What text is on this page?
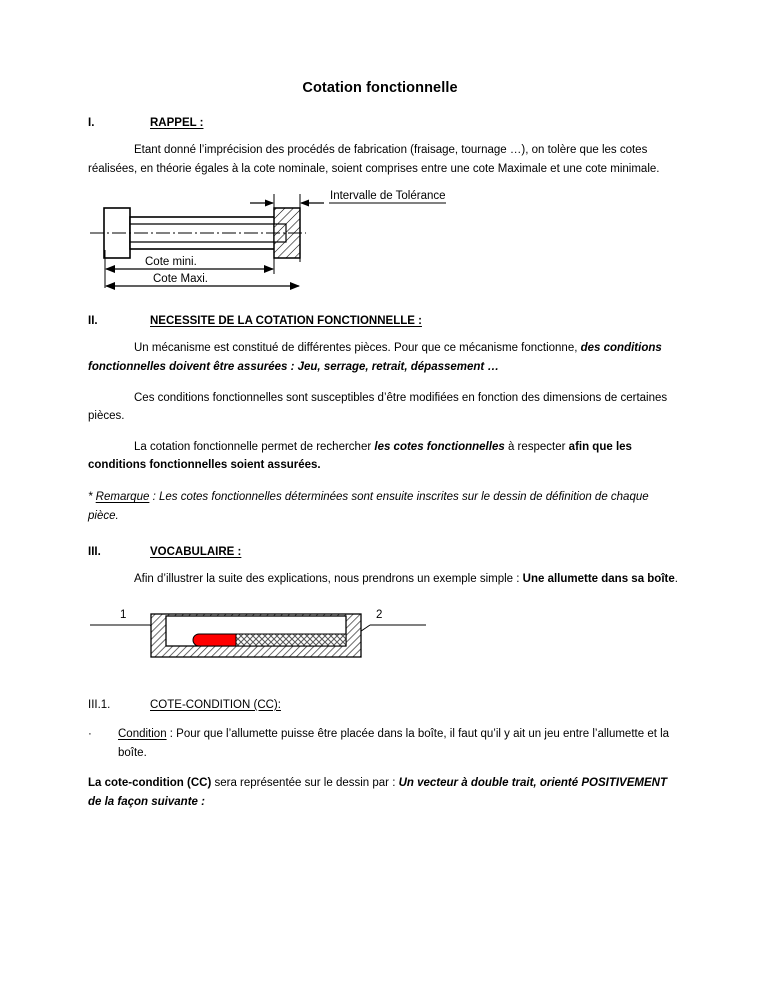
Cotation fonctionnelle
I.	RAPPEL :

Etant donné l’imprécision des procédés de fabrication (fraisage, tournage …), on tolère que les cotes réalisées, en théorie égales à la cote nominale, soient comprises entre une cote Maximale et une cote minimale.

Intervalle de Tolérance
Cote mini.
Cote Maxi.
II.	NECESSITE DE LA COTATION FONCTIONNELLE :

Un mécanisme est constitué de différentes pièces. Pour que ce mécanisme fonctionne, des conditions fonctionnelles doivent être assurées : Jeu, serrage, retrait, dépassement …

Ces conditions fonctionnelles sont susceptibles d’être modifiées en fonction des dimensions de certaines pièces.

La cotation fonctionnelle permet de rechercher les cotes fonctionnelles à respecter afin que les conditions fonctionnelles soient assurées.

* Remarque : Les cotes fonctionnelles déterminées sont ensuite inscrites sur le dessin de définition de chaque pièce.

III.	VOCABULAIRE :

Afin d’illustrer la suite des explications, nous prendrons un exemple simple : Une allumette dans sa boîte.

1	2
III.1.	COTE-CONDITION (CC):
·	Condition : Pour que l’allumette puisse être placée dans la boîte, il faut qu’il y ait un jeu entre l’allumette et la boîte.

La cote-condition (CC) sera représentée sur le dessin par : Un vecteur à double trait, orienté POSITIVEMENT de la façon suivante :
